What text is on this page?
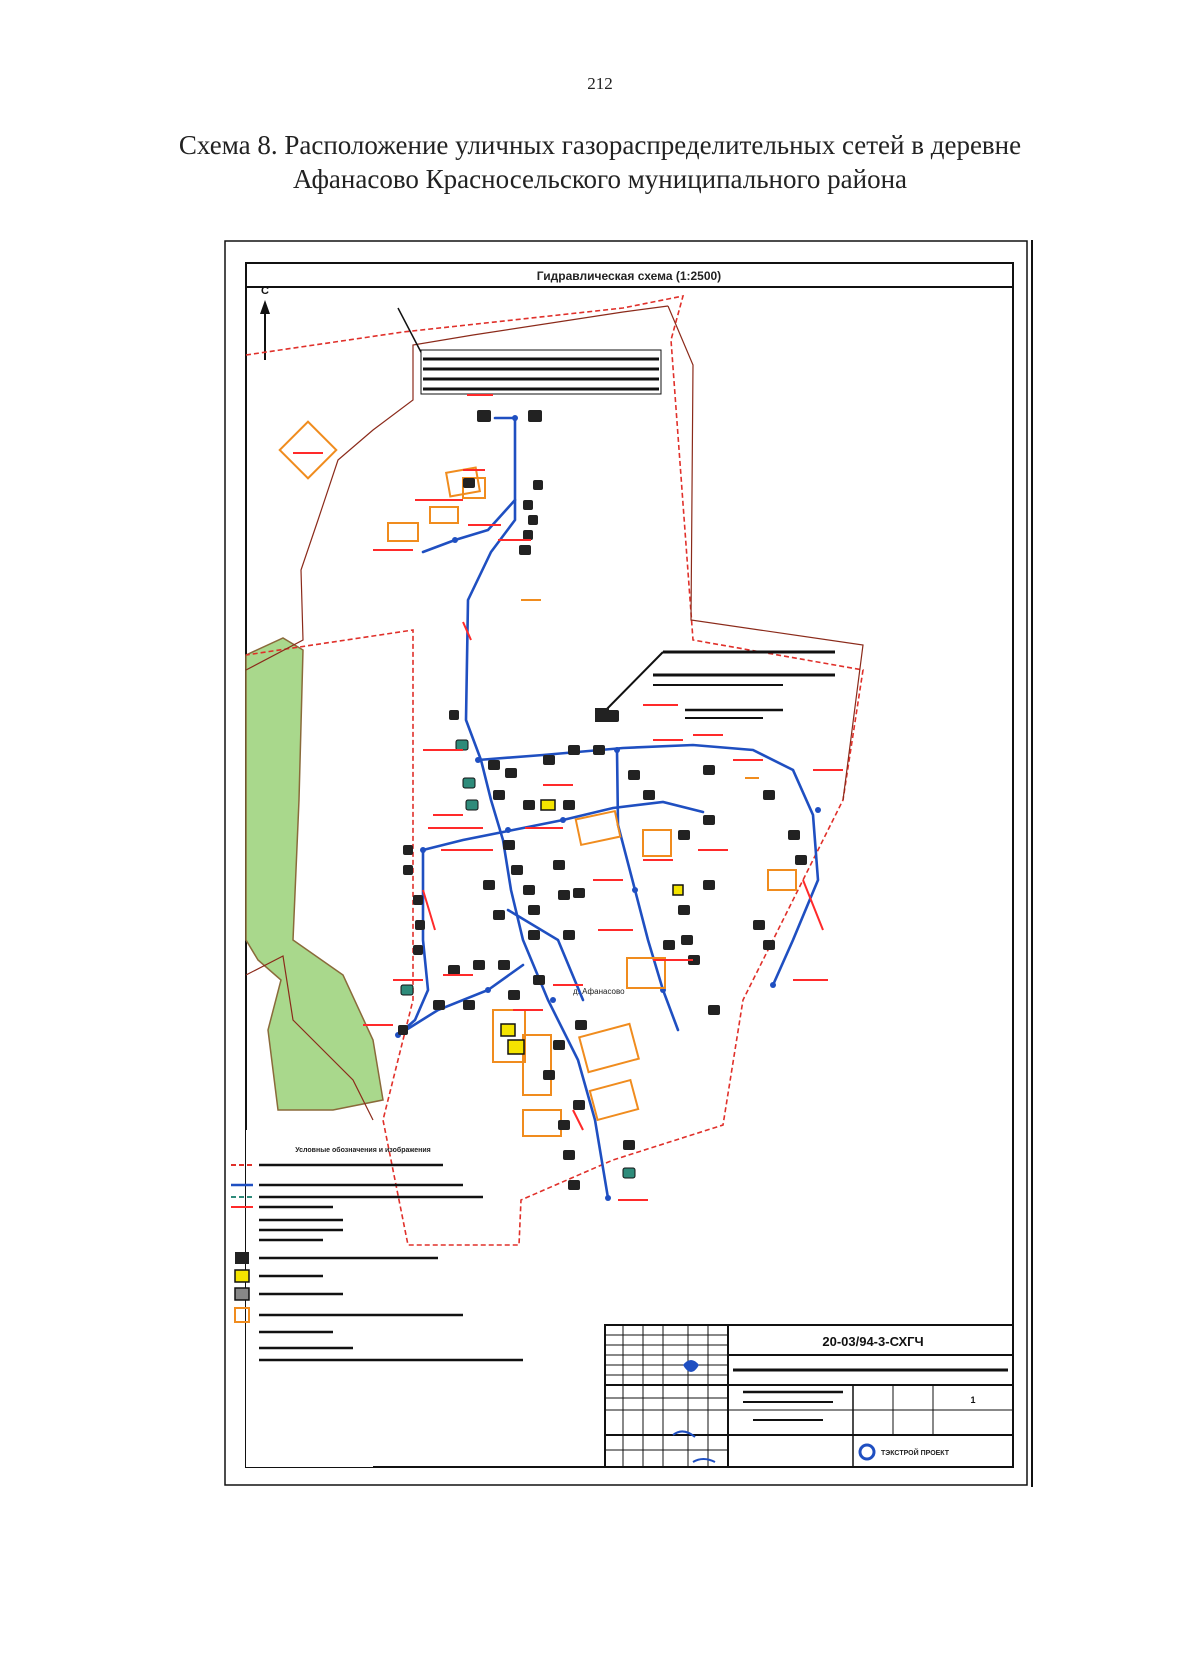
212
Схема 8. Расположение уличных газораспределительных сетей в деревне
Афанасово Красносельского муниципального района
Гидравлическая схема (1:2500)
С
д. Афанасово
Условные обозначения и изображения
20-03/94-3-СХГЧ
1
ТЭКСТРОЙ ПРОЕКТ
